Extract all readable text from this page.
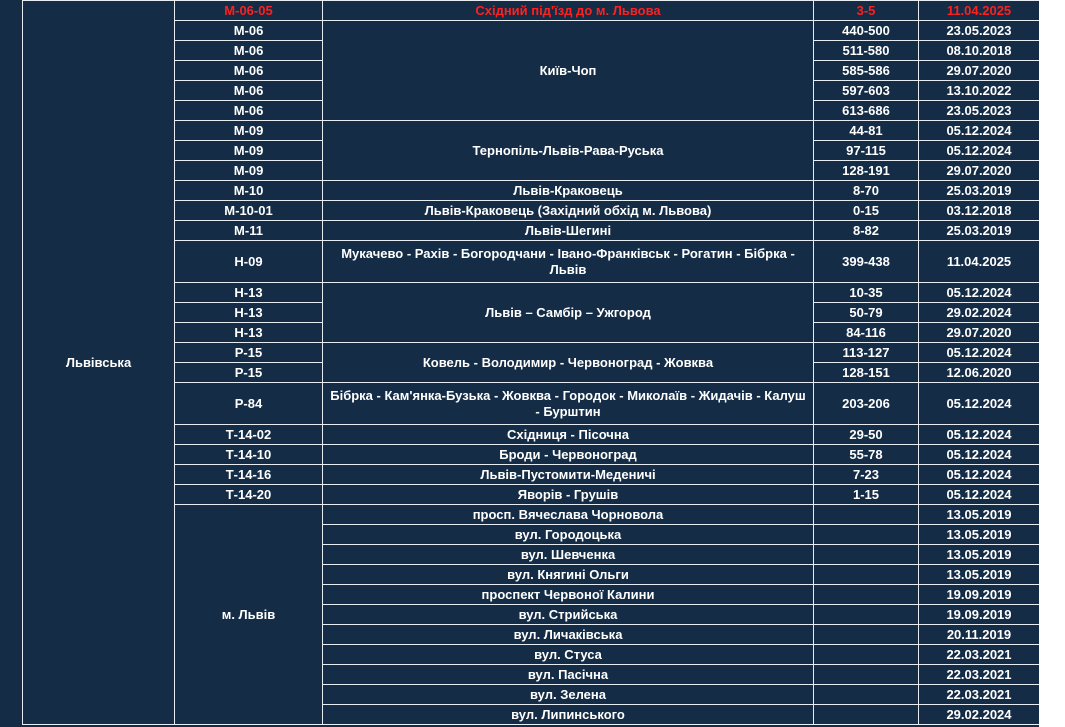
Львівська	М-06-05	Східний під'їзд до м. Львова	3-5	11.04.2025
	М-06	Київ-Чоп	440-500	23.05.2023
	М-06		511-580	08.10.2018
	М-06		585-586	29.07.2020
	М-06		597-603	13.10.2022
	М-06		613-686	23.05.2023
	М-09	Тернопіль-Львів-Рава-Руська	44-81	05.12.2024
	М-09		97-115	05.12.2024
	М-09		128-191	29.07.2020
	М-10	Львів-Краковець	8-70	25.03.2019
	М-10-01	Львів-Краковець (Західний обхід м. Львова)	0-15	03.12.2018
	М-11	Львів-Шегині	8-82	25.03.2019
	Н-09	Мукачево - Рахів - Богородчани - Івано-Франківськ - Рогатин - Бібрка - Львів	399-438	11.04.2025
	Н-13	Львів – Самбір – Ужгород	10-35	05.12.2024
	Н-13		50-79	29.02.2024
	Н-13		84-116	29.07.2020
	Р-15	Ковель - Володимир - Червоноград - Жовква	113-127	05.12.2024
	Р-15		128-151	12.06.2020
	Р-84	Бібрка - Кам'янка-Бузька - Жовква - Городок - Миколаїв - Жидачів - Калуш - Бурштин	203-206	05.12.2024
	Т-14-02	Східниця - Пісочна	29-50	05.12.2024
	Т-14-10	Броди - Червоноград	55-78	05.12.2024
	Т-14-16	Львів-Пустомити-Меденичі	7-23	05.12.2024
	Т-14-20	Яворів - Грушів	1-15	05.12.2024
	м. Львів	просп. Вячеслава Чорновола		13.05.2019
		вул. Городоцька		13.05.2019
		вул. Шевченка		13.05.2019
		вул. Княгині Ольги		13.05.2019
		проспект Червоної Калини		19.09.2019
		вул. Стрийська		19.09.2019
		вул. Личаківська		20.11.2019
		вул. Стуса		22.03.2021
		вул. Пасічна		22.03.2021
		вул. Зелена		22.03.2021
		вул. Липинського		29.02.2024
